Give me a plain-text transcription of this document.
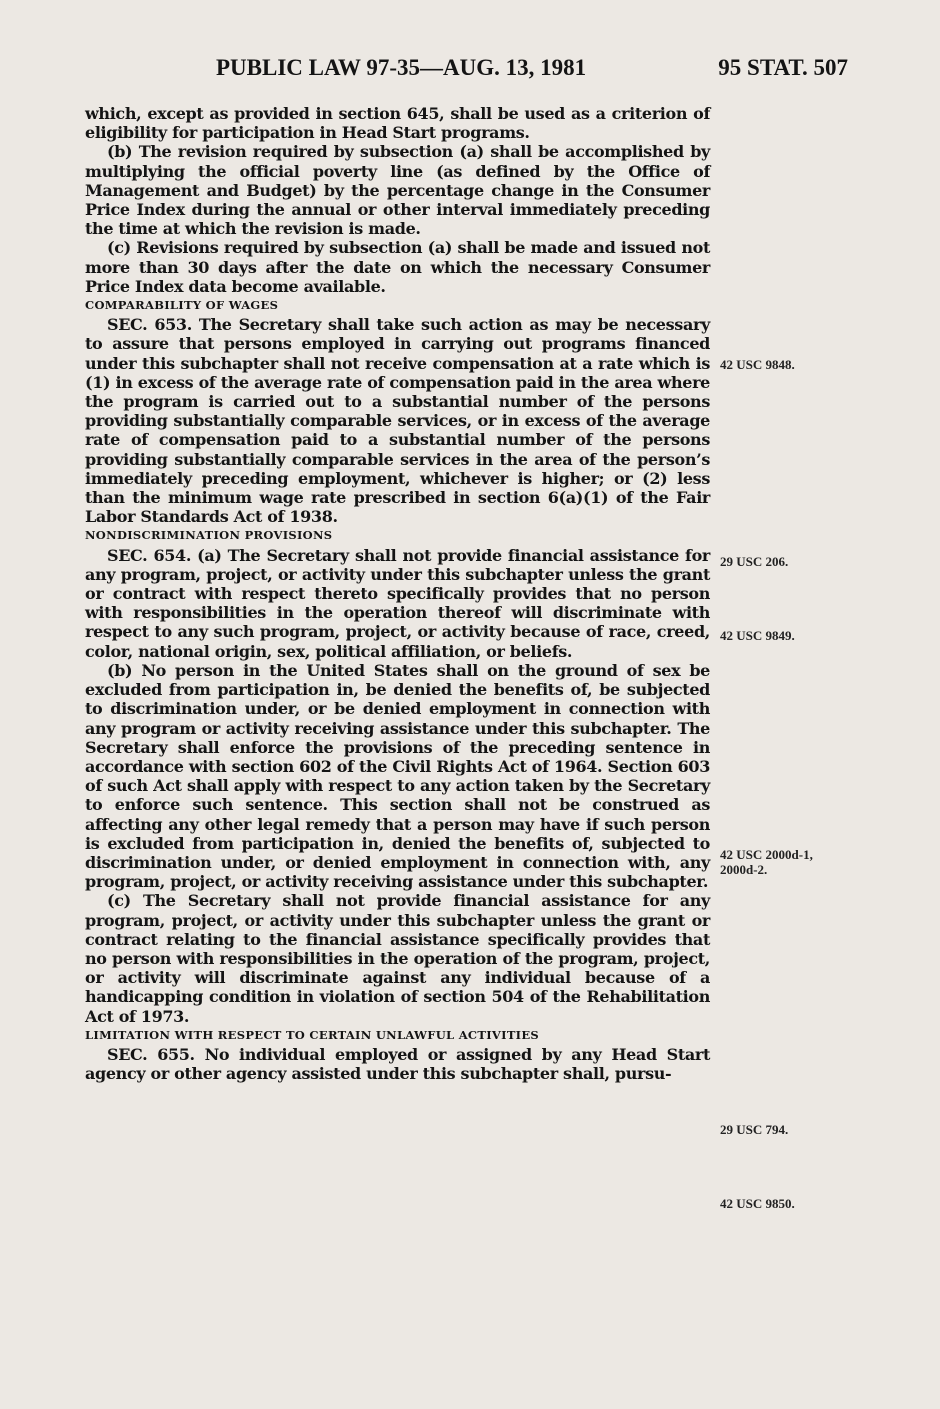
PUBLIC LAW 97-35—AUG. 13, 1981	95 STAT. 507

which, except as provided in section 645, shall be used as a criterion of eligibility for participation in Head Start programs.

(b) The revision required by subsection (a) shall be accomplished by multiplying the official poverty line (as defined by the Office of Management and Budget) by the percentage change in the Consumer Price Index during the annual or other interval immediately preceding the time at which the revision is made.

(c) Revisions required by subsection (a) shall be made and issued not more than 30 days after the date on which the necessary Consumer Price Index data become available.

COMPARABILITY OF WAGES

SEC. 653. The Secretary shall take such action as may be necessary to assure that persons employed in carrying out programs financed under this subchapter shall not receive compensation at a rate which is (1) in excess of the average rate of compensation paid in the area where the program is carried out to a substantial number of the persons providing substantially comparable services, or in excess of the average rate of compensation paid to a substantial number of the persons providing substantially comparable services in the area of the person’s immediately preceding employment, whichever is higher; or (2) less than the minimum wage rate prescribed in section 6(a)(1) of the Fair Labor Standards Act of 1938.

NONDISCRIMINATION PROVISIONS

SEC. 654. (a) The Secretary shall not provide financial assistance for any program, project, or activity under this subchapter unless the grant or contract with respect thereto specifically provides that no person with responsibilities in the operation thereof will discriminate with respect to any such program, project, or activity because of race, creed, color, national origin, sex, political affiliation, or beliefs.

(b) No person in the United States shall on the ground of sex be excluded from participation in, be denied the benefits of, be subjected to discrimination under, or be denied employment in connection with any program or activity receiving assistance under this subchapter. The Secretary shall enforce the provisions of the preceding sentence in accordance with section 602 of the Civil Rights Act of 1964. Section 603 of such Act shall apply with respect to any action taken by the Secretary to enforce such sentence. This section shall not be construed as affecting any other legal remedy that a person may have if such person is excluded from participation in, denied the benefits of, subjected to discrimination under, or denied employment in connection with, any program, project, or activity receiving assistance under this subchapter.

(c) The Secretary shall not provide financial assistance for any program, project, or activity under this subchapter unless the grant or contract relating to the financial assistance specifically provides that no person with responsibilities in the operation of the program, project, or activity will discriminate against any individual because of a handicapping condition in violation of section 504 of the Rehabilitation Act of 1973.

LIMITATION WITH RESPECT TO CERTAIN UNLAWFUL ACTIVITIES

SEC. 655. No individual employed or assigned by any Head Start agency or other agency assisted under this subchapter shall, pursu-

42 USC 9848.
29 USC 206.
42 USC 9849.
42 USC 2000d-1,
2000d-2.
29 USC 794.
42 USC 9850.
